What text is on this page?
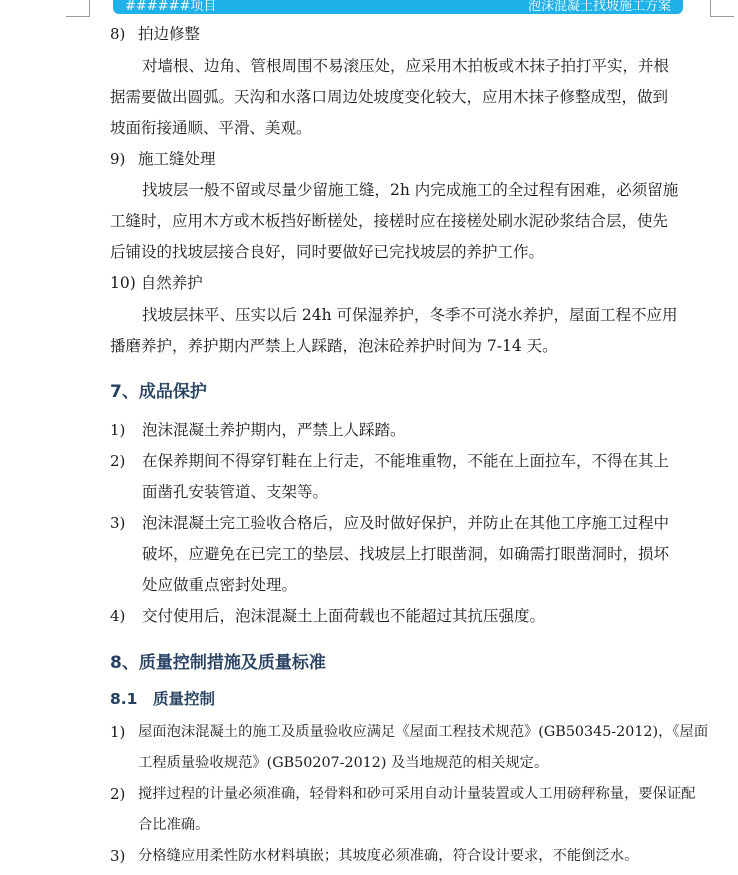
######项目	泡沫混凝土找坡施工方案
8) 拍边修整
对墙根、边角、管根周围不易滚压处，应采用木拍板或木抹子拍打平实，并根
据需要做出圆弧。天沟和水落口周边处坡度变化较大，应用木抹子修整成型，做到
坡面衔接通顺、平滑、美观。
9) 施工缝处理
找坡层一般不留或尽量少留施工缝，2h 内完成施工的全过程有困难，必须留施
工缝时，应用木方或木板挡好断槎处，接槎时应在接槎处刷水泥砂浆结合层，使先
后铺设的找坡层接合良好，同时要做好已完找坡层的养护工作。
10) 自然养护
找坡层抹平、压实以后 24h 可保湿养护，冬季不可浇水养护，屋面工程不应用
播磨养护，养护期内严禁上人踩踏，泡沫砼养护时间为 7-14 天。
7、成品保护
1) 泡沫混凝土养护期内，严禁上人踩踏。
2) 在保养期间不得穿钉鞋在上行走，不能堆重物，不能在上面拉车，不得在其上
面凿孔安装管道、支架等。
3) 泡沫混凝土完工验收合格后，应及时做好保护，并防止在其他工序施工过程中
破坏，应避免在已完工的垫层、找坡层上打眼凿洞，如确需打眼凿洞时，损坏
处应做重点密封处理。
4) 交付使用后，泡沫混凝土上面荷载也不能超过其抗压强度。
8、质量控制措施及质量标准
8.1　质量控制
1) 屋面泡沫混凝土的施工及质量验收应满足《屋面工程技术规范》(GB50345-2012)，《屋面
工程质量验收规范》(GB50207-2012) 及当地规范的相关规定。
2) 搅拌过程的计量必须准确，轻骨料和砂可采用自动计量装置或人工用磅秤称量，要保证配
合比准确。
3) 分格缝应用柔性防水材料填嵌；其坡度必须准确，符合设计要求，不能倒泛水。
